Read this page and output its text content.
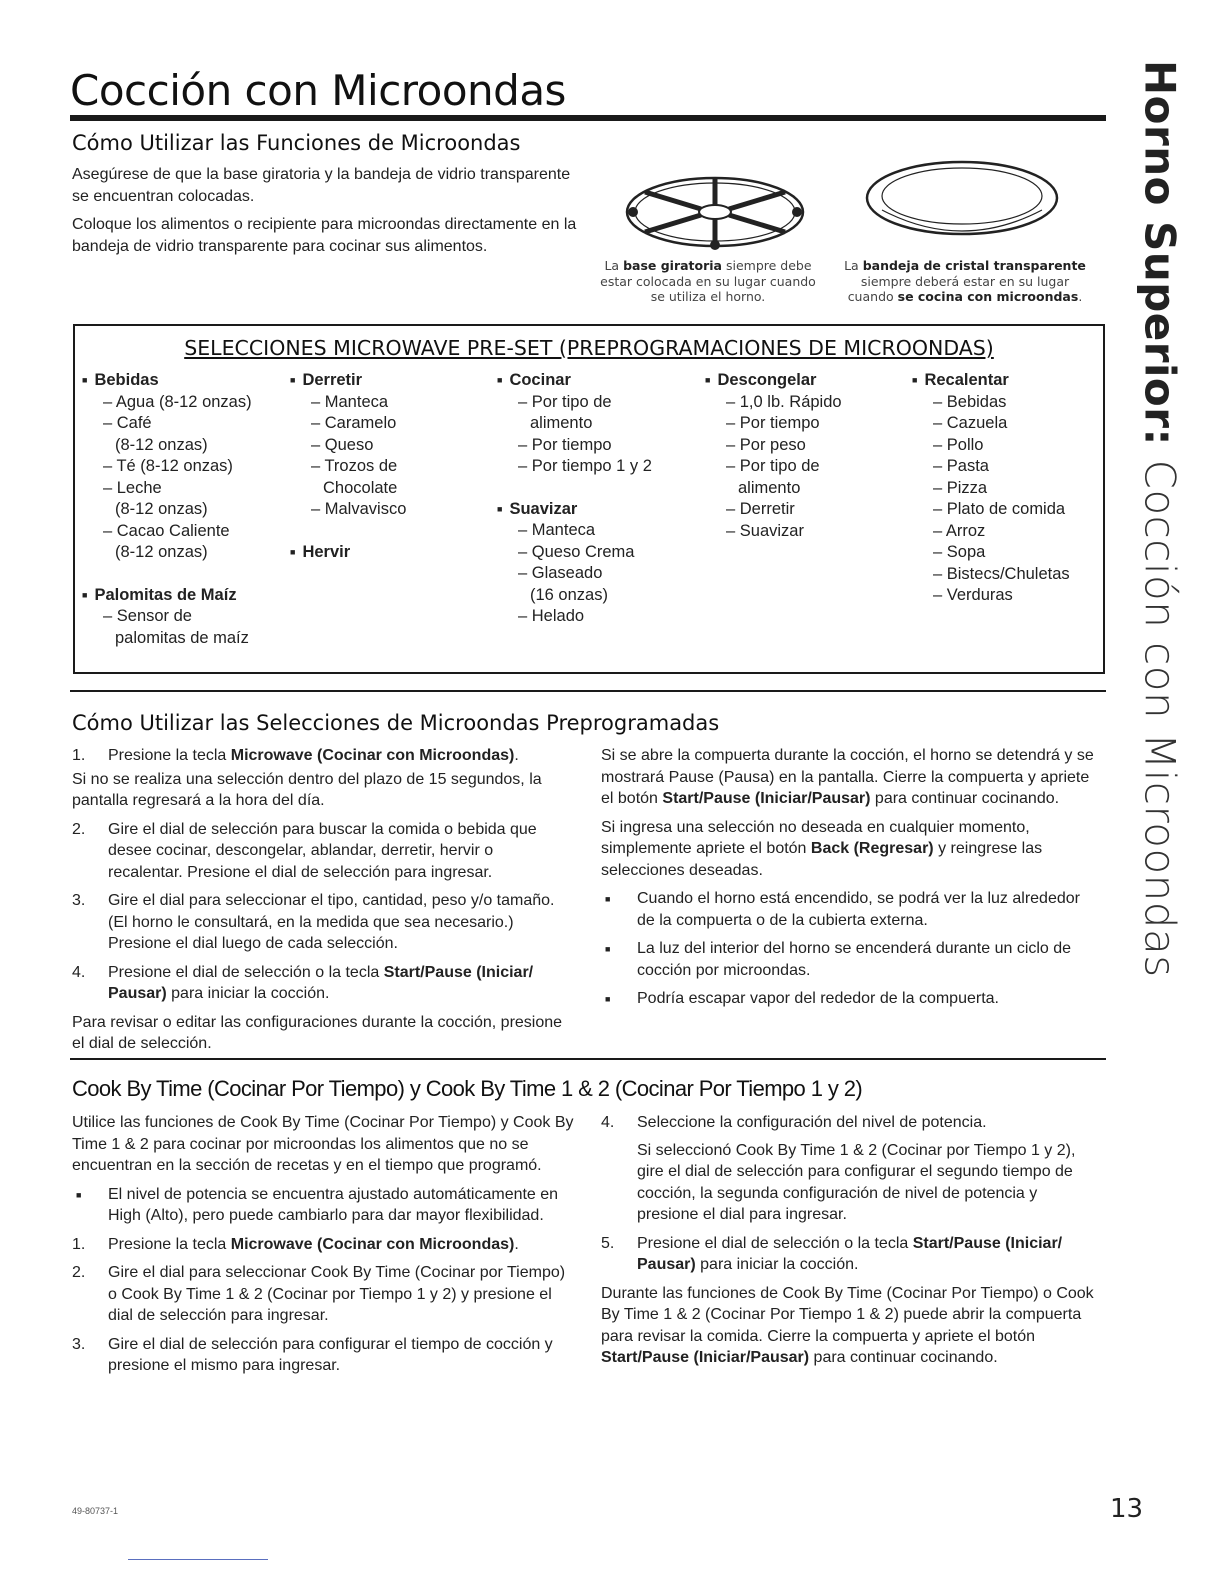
Cocción con Microondas	Horno Superior: Cocción con Microondas
Cómo Utilizar las Funciones de Microondas

Asegúrese de que la base giratoria y la bandeja de vidrio transparente se encuentran colocadas.

Coloque los alimentos o recipiente para microondas directamente en la bandeja de vidrio transparente para cocinar sus alimentos.

La base giratoria siempre debe estar colocada en su lugar cuando se utiliza el horno.
La bandeja de cristal transparente siempre deberá estar en su lugar cuando se cocina con microondas.
SELECCIONES MICROWAVE PRE-SET (PREPROGRAMACIONES DE MICROONDAS)
■ Bebidas
– Agua (8-12 onzas)
– Café
(8-12 onzas)
– Té (8-12 onzas)
– Leche
(8-12 onzas)
– Cacao Caliente
(8-12 onzas)
■ Palomitas de Maíz
– Sensor de
palomitas de maíz
■ Derretir
– Manteca
– Caramelo
– Queso
– Trozos de
Chocolate
– Malvavisco
■ Hervir
■ Cocinar
– Por tipo de
alimento
– Por tiempo
– Por tiempo 1 y 2
■ Suavizar
– Manteca
– Queso Crema
– Glaseado
(16 onzas)
– Helado
■ Descongelar
– 1,0 lb. Rápido
– Por tiempo
– Por peso
– Por tipo de
alimento
– Derretir
– Suavizar
■ Recalentar
– Bebidas
– Cazuela
– Pollo
– Pasta
– Pizza
– Plato de comida
– Arroz
– Sopa
– Bistecs/Chuletas
– Verduras
Cómo Utilizar las Selecciones de Microondas Preprogramadas
1. Presione la tecla Microwave (Cocinar con Microondas).

Si no se realiza una selección dentro del plazo de 15 segundos, la pantalla regresará a la hora del día.

2. Gire el dial de selección para buscar la comida o bebida que desee cocinar, descongelar, ablandar, derretir, hervir o recalentar. Presione el dial de selección para ingresar.
3. Gire el dial para seleccionar el tipo, cantidad, peso y/o tamaño. (El horno le consultará, en la medida que sea necesario.) Presione el dial luego de cada selección.
4. Presione el dial de selección o la tecla Start/Pause (Iniciar/ Pausar) para iniciar la cocción.

Para revisar o editar las configuraciones durante la cocción, presione el dial de selección.

Si se abre la compuerta durante la cocción, el horno se detendrá y se mostrará Pause (Pausa) en la pantalla. Cierre la compuerta y apriete el botón Start/Pause (Iniciar/Pausar) para continuar cocinando.

Si ingresa una selección no deseada en cualquier momento, simplemente apriete el botón Back (Regresar) y reingrese las selecciones deseadas.

■ Cuando el horno está encendido, se podrá ver la luz alrededor de la compuerta o de la cubierta externa.
■ La luz del interior del horno se encenderá durante un ciclo de cocción por microondas.
■ Podría escapar vapor del rededor de la compuerta.
Cook By Time (Cocinar Por Tiempo) y Cook By Time 1 & 2 (Cocinar Por Tiempo 1 y 2)

Utilice las funciones de Cook By Time (Cocinar Por Tiempo) y Cook By Time 1 & 2 para cocinar por microondas los alimentos que no se encuentran en la sección de recetas y en el tiempo que programó.

■ El nivel de potencia se encuentra ajustado automáticamente en High (Alto), pero puede cambiarlo para dar mayor flexibilidad.
1. Presione la tecla Microwave (Cocinar con Microondas).
2. Gire el dial para seleccionar Cook By Time (Cocinar por Tiempo) o Cook By Time 1 & 2 (Cocinar por Tiempo 1 y 2) y presione el dial de selección para ingresar.
3. Gire el dial de selección para configurar el tiempo de cocción y presione el mismo para ingresar.
4. Seleccione la configuración del nivel de potencia.
Si seleccionó Cook By Time 1 & 2 (Cocinar por Tiempo 1 y 2), gire el dial de selección para configurar el segundo tiempo de cocción, la segunda configuración de nivel de potencia y presione el dial para ingresar.
5. Presione el dial de selección o la tecla Start/Pause (Iniciar/ Pausar) para iniciar la cocción.

Durante las funciones de Cook By Time (Cocinar Por Tiempo) o Cook By Time 1 & 2 (Cocinar Por Tiempo 1 & 2) puede abrir la compuerta para revisar la comida. Cierre la compuerta y apriete el botón Start/Pause (Iniciar/Pausar) para continuar cocinando.

49-80737-1	13
